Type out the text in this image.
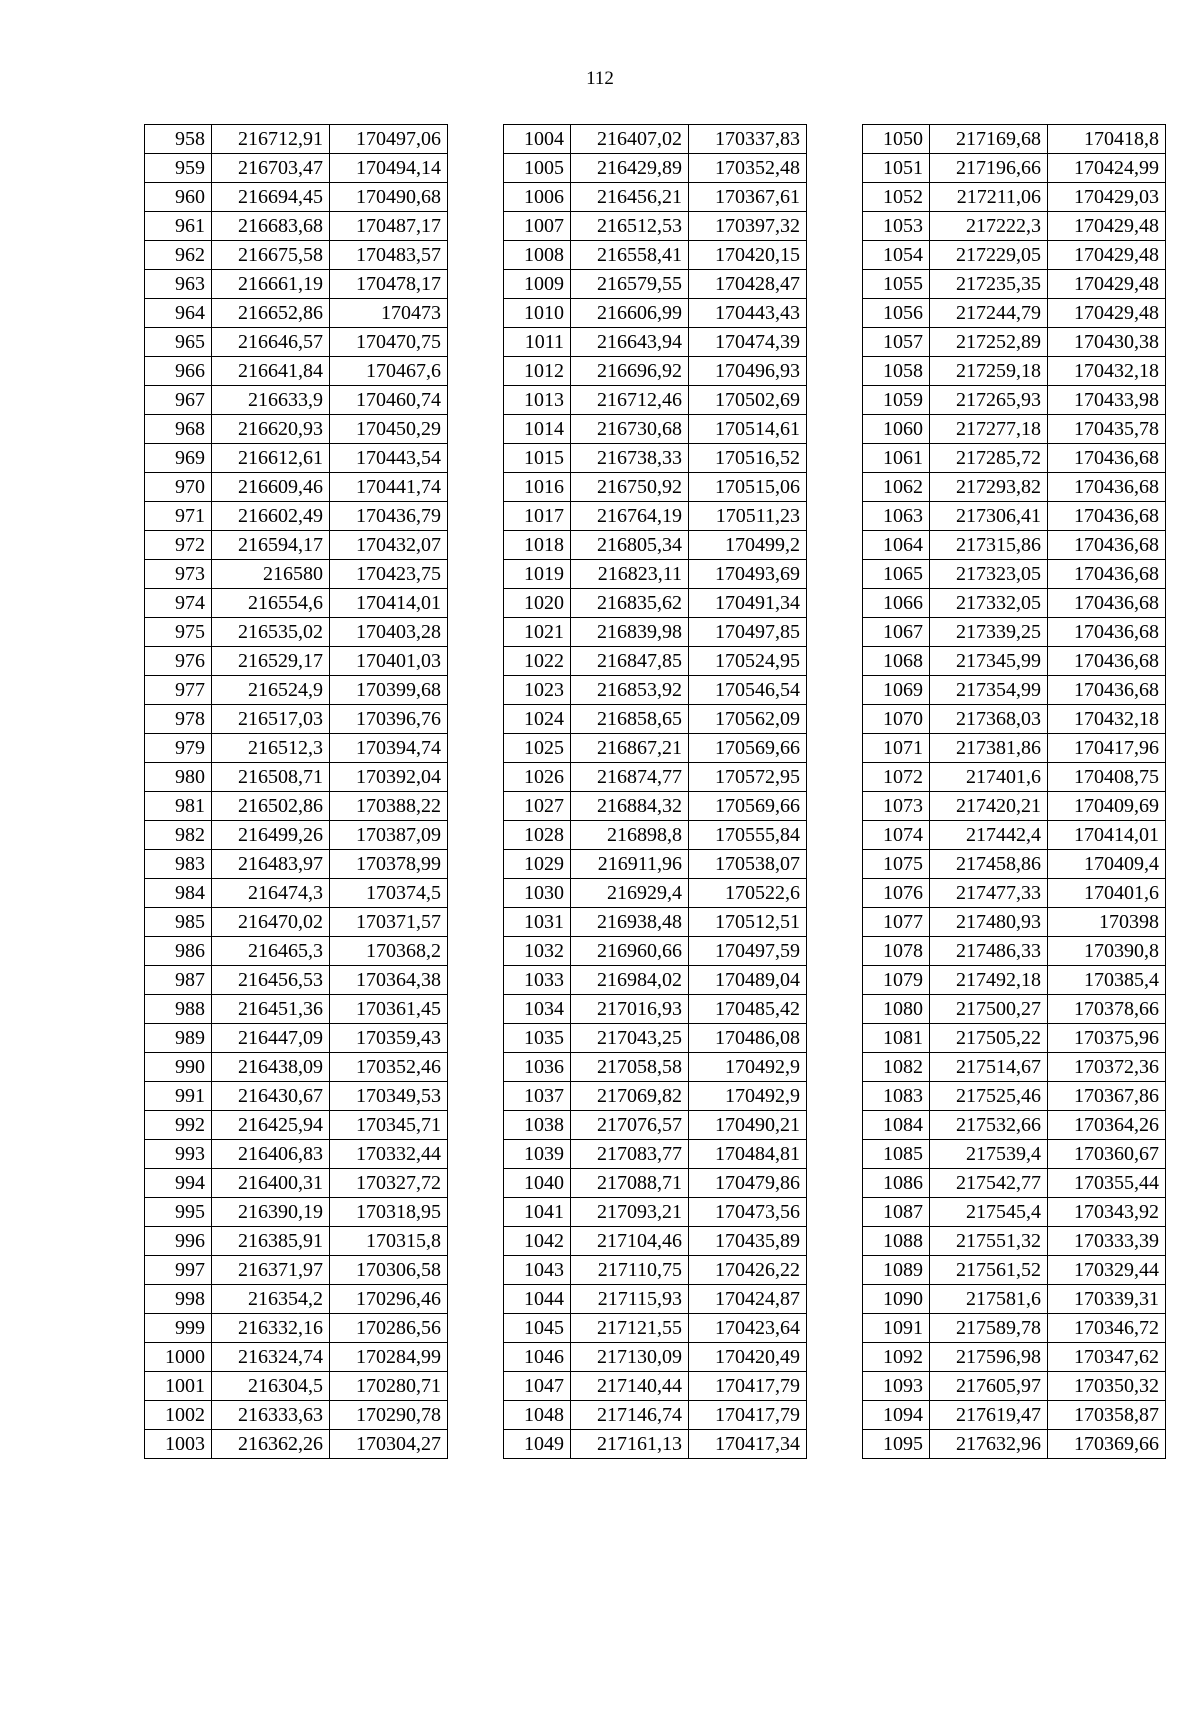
112
958	216712,91	170497,06
959	216703,47	170494,14
960	216694,45	170490,68
961	216683,68	170487,17
962	216675,58	170483,57
963	216661,19	170478,17
964	216652,86	170473
965	216646,57	170470,75
966	216641,84	170467,6
967	216633,9	170460,74
968	216620,93	170450,29
969	216612,61	170443,54
970	216609,46	170441,74
971	216602,49	170436,79
972	216594,17	170432,07
973	216580	170423,75
974	216554,6	170414,01
975	216535,02	170403,28
976	216529,17	170401,03
977	216524,9	170399,68
978	216517,03	170396,76
979	216512,3	170394,74
980	216508,71	170392,04
981	216502,86	170388,22
982	216499,26	170387,09
983	216483,97	170378,99
984	216474,3	170374,5
985	216470,02	170371,57
986	216465,3	170368,2
987	216456,53	170364,38
988	216451,36	170361,45
989	216447,09	170359,43
990	216438,09	170352,46
991	216430,67	170349,53
992	216425,94	170345,71
993	216406,83	170332,44
994	216400,31	170327,72
995	216390,19	170318,95
996	216385,91	170315,8
997	216371,97	170306,58
998	216354,2	170296,46
999	216332,16	170286,56
1000	216324,74	170284,99
1001	216304,5	170280,71
1002	216333,63	170290,78
1003	216362,26	170304,27
1004	216407,02	170337,83
1005	216429,89	170352,48
1006	216456,21	170367,61
1007	216512,53	170397,32
1008	216558,41	170420,15
1009	216579,55	170428,47
1010	216606,99	170443,43
1011	216643,94	170474,39
1012	216696,92	170496,93
1013	216712,46	170502,69
1014	216730,68	170514,61
1015	216738,33	170516,52
1016	216750,92	170515,06
1017	216764,19	170511,23
1018	216805,34	170499,2
1019	216823,11	170493,69
1020	216835,62	170491,34
1021	216839,98	170497,85
1022	216847,85	170524,95
1023	216853,92	170546,54
1024	216858,65	170562,09
1025	216867,21	170569,66
1026	216874,77	170572,95
1027	216884,32	170569,66
1028	216898,8	170555,84
1029	216911,96	170538,07
1030	216929,4	170522,6
1031	216938,48	170512,51
1032	216960,66	170497,59
1033	216984,02	170489,04
1034	217016,93	170485,42
1035	217043,25	170486,08
1036	217058,58	170492,9
1037	217069,82	170492,9
1038	217076,57	170490,21
1039	217083,77	170484,81
1040	217088,71	170479,86
1041	217093,21	170473,56
1042	217104,46	170435,89
1043	217110,75	170426,22
1044	217115,93	170424,87
1045	217121,55	170423,64
1046	217130,09	170420,49
1047	217140,44	170417,79
1048	217146,74	170417,79
1049	217161,13	170417,34
1050	217169,68	170418,8
1051	217196,66	170424,99
1052	217211,06	170429,03
1053	217222,3	170429,48
1054	217229,05	170429,48
1055	217235,35	170429,48
1056	217244,79	170429,48
1057	217252,89	170430,38
1058	217259,18	170432,18
1059	217265,93	170433,98
1060	217277,18	170435,78
1061	217285,72	170436,68
1062	217293,82	170436,68
1063	217306,41	170436,68
1064	217315,86	170436,68
1065	217323,05	170436,68
1066	217332,05	170436,68
1067	217339,25	170436,68
1068	217345,99	170436,68
1069	217354,99	170436,68
1070	217368,03	170432,18
1071	217381,86	170417,96
1072	217401,6	170408,75
1073	217420,21	170409,69
1074	217442,4	170414,01
1075	217458,86	170409,4
1076	217477,33	170401,6
1077	217480,93	170398
1078	217486,33	170390,8
1079	217492,18	170385,4
1080	217500,27	170378,66
1081	217505,22	170375,96
1082	217514,67	170372,36
1083	217525,46	170367,86
1084	217532,66	170364,26
1085	217539,4	170360,67
1086	217542,77	170355,44
1087	217545,4	170343,92
1088	217551,32	170333,39
1089	217561,52	170329,44
1090	217581,6	170339,31
1091	217589,78	170346,72
1092	217596,98	170347,62
1093	217605,97	170350,32
1094	217619,47	170358,87
1095	217632,96	170369,66
